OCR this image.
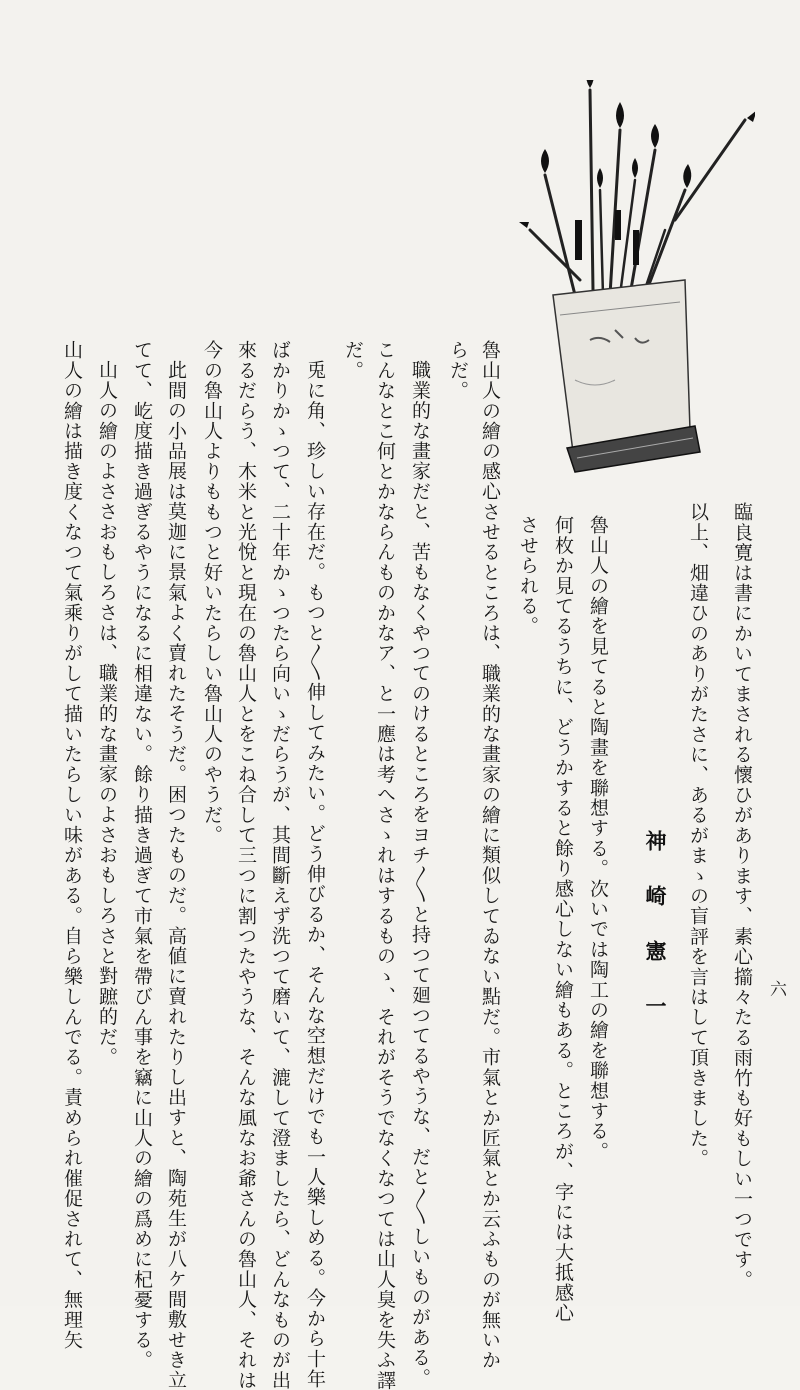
六
臨良寛は書にかいてまされる懷ひがあります、素心擶々たる雨竹も好もしい一つです。
以上、畑違ひのありがたさに、あるがまゝの盲評を言はして頂きました。
神崎憲一
魯山人の繪を見てると陶畫を聯想する。次いでは陶工の繪を聯想する。
何枚か見てるうちに、どうかすると餘り感心しない繪もある。ところが、字には大抵感心
させられる。
魯山人の繪の感心させるところは、職業的な畫家の繪に類似してゐない點だ。市氣とか匠氣とか云ふものが無いか
らだ。
職業的な畫家だと、苦もなくやつてのけるところをヨチ〱と持つて廻つてるやうな、だと〱しいものがある。
こんなとこ何とかならんものかなア、と一應は考へさゝれはするものゝ、それがそうでなくなつては山人臭を失ふ譯
だ。
兎に角、珍しい存在だ。もつと〱伸してみたい。どう伸びるか、そんな空想だけでも一人樂しめる。今から十年
ばかりかゝつて、二十年かゝつたら向いゝだらうが、其間斷えず洗つて磨いて、漉して澄ましたら、どんなものが出
來るだらう、木米と光悅と現在の魯山人とをこね合して三つに割つたやうな、そんな風なお爺さんの魯山人、それは
今の魯山人よりももつと好いたらしい魯山人のやうだ。
此間の小品展は莫迦に景氣よく賣れたそうだ。困つたものだ。高値に賣れたりし出すと、陶苑生が八ケ間敷せき立
てて、屹度描き過ぎるやうになるに相違ない。餘り描き過ぎて市氣を帶びん事を竊に山人の繪の爲めに杞憂する。
山人の繪のよささおもしろさは、職業的な畫家のよさおもしろさと對蹠的だ。
山人の繪は描き度くなつて氣乘りがして描いたらしい味がある。自ら樂しんでる。責められ催促されて、無理矢
